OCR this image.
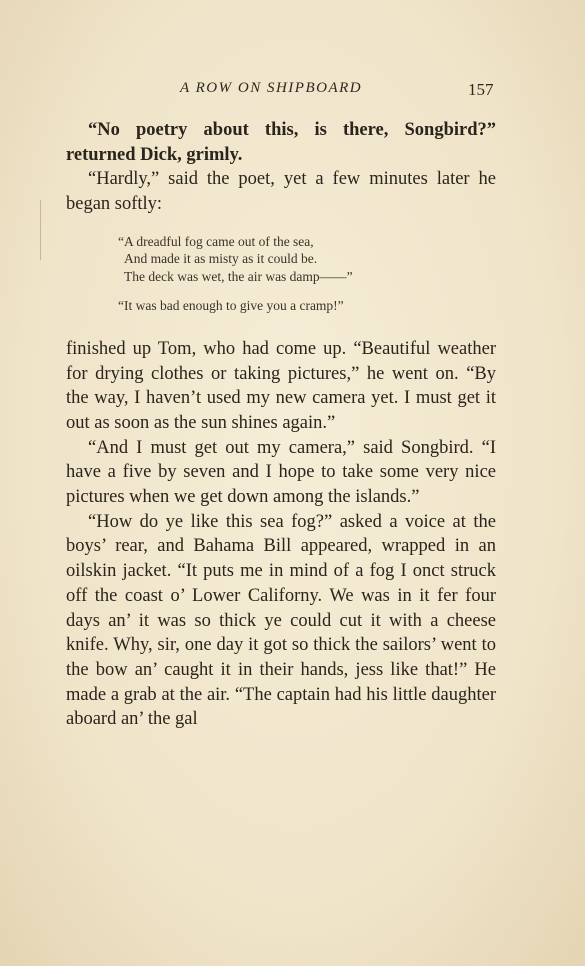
A ROW ON SHIPBOARD	157

“No poetry about this, is there, Songbird?” returned Dick, grimly.

“Hardly,” said the poet, yet a few minutes later he began softly:

“A dreadful fog came out of the sea,
And made it as misty as it could be.
The deck was wet, the air was damp——”
“It was bad enough to give you a cramp!”

finished up Tom, who had come up. “Beautiful weather for drying clothes or taking pictures,” he went on. “By the way, I haven’t used my new camera yet. I must get it out as soon as the sun shines again.”

“And I must get out my camera,” said Songbird. “I have a five by seven and I hope to take some very nice pictures when we get down among the islands.”

“How do ye like this sea fog?” asked a voice at the boys’ rear, and Bahama Bill appeared, wrapped in an oilskin jacket. “It puts me in mind of a fog I onct struck off the coast o’ Lower Californy. We was in it fer four days an’ it was so thick ye could cut it with a cheese knife. Why, sir, one day it got so thick the sailors’ went to the bow an’ caught it in their hands, jess like that!” He made a grab at the air. “The captain had his little daughter aboard an’ the gal
